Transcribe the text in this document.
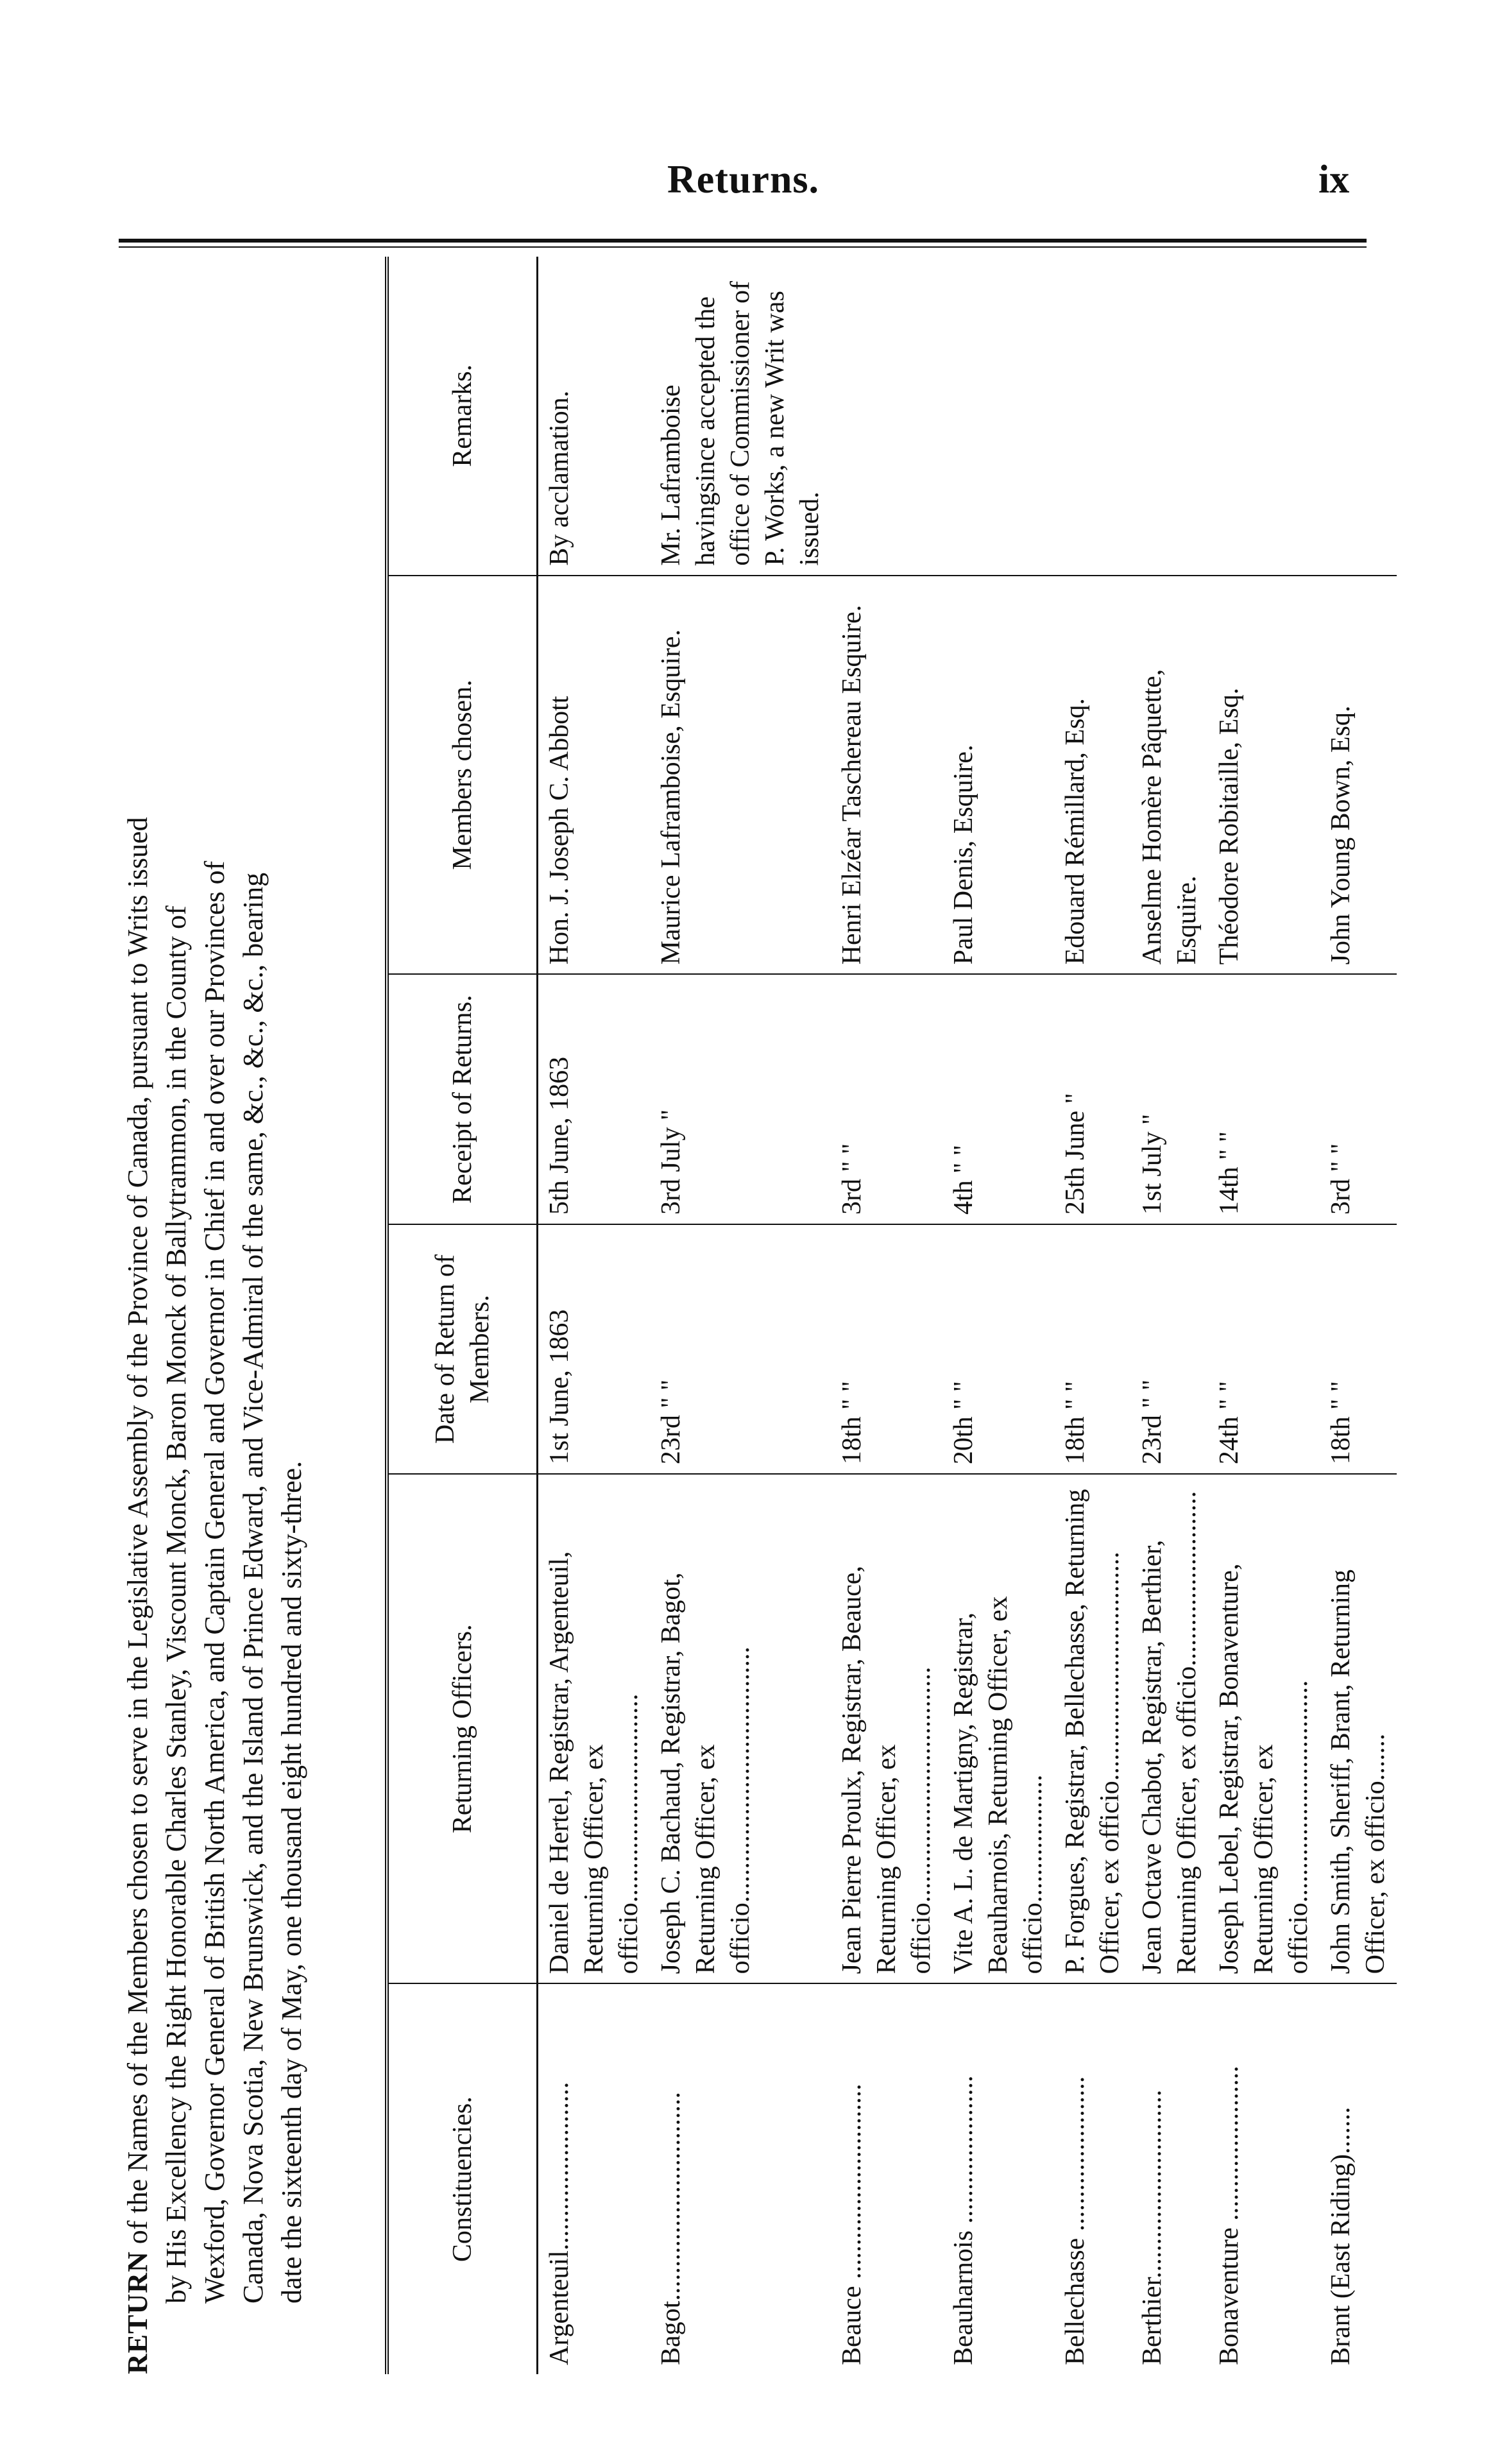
Returns.	ix
RETURN of the Names of the Members chosen to serve in the Legislative Assembly of the Province of Canada, pursuant to Writs issued by His Excellency the Right Honorable Charles Stanley, Viscount Monck, Baron Monck of Ballytrammon, in the County of Wexford, Governor General of British North America, and Captain General and Governor in Chief in and over our Provinces of Canada, Nova Scotia, New Brunswick, and the Island of Prince Edward, and Vice-Admiral of the same, &c., &c., &c., bearing date the sixteenth day of May, one thousand eight hundred and sixty-three.	Constituencies.	Returning Officers.	Date of Return of Members.	Receipt of Returns.	Members chosen.	Remarks.
Argenteuil.........................	Daniel de Hertel, Registrar, Argenteuil, Returning Officer, ex officio...............................	1st June, 1863	5th June, 1863	Hon. J. Joseph C. Abbott	By acclamation.
Bagot...............................	Joseph C. Bachaud, Registrar, Bagot, Returning Officer, ex officio......................................	23rd " "	3rd July "	Maurice Laframboise, Esquire.	Mr. Laframboise havingsince accepted the office of Commissioner of P. Works, a new Writ was issued.
Beauce .............................	Jean Pierre Proulx, Registrar, Beauce, Returning Officer, ex officio...................................	18th " "	3rd " "	Henri Elzéar Taschereau Esquire.	
Beauharnois ......................	Vite A. L. de Martigny, Registrar, Beauharnois, Returning Officer, ex officio...................	20th " "	4th " "	Paul Denis, Esquire.	
Bellechasse .......................	P. Forgues, Registrar, Bellechasse, Returning Officer, ex officio..................................	18th " "	25th June "	Edouard Rémillard, Esq.	
Berthier............................	Jean Octave Chabot, Registrar, Berthier, Returning Officer, ex officio..........................	23rd " "	1st July "	Anselme Homère Pâquette, Esquire.	
Bonaventure .......................	Joseph Lebel, Registrar, Bonaventure, Returning Officer, ex officio.................................	24th " "	14th " "	Théodore Robitaille, Esq.	
Brant (East Riding).......	John Smith, Sheriff, Brant, Returning Officer, ex officio.......	18th " "	3rd " "	John Young Bown, Esq.	
